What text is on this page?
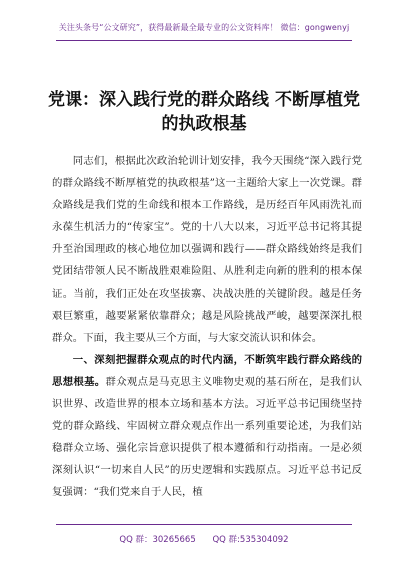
关注头条号“公文研究”，获得最新最全最专业的公文资料库！ 微信：gongwenyj
党课：深入践行党的群众路线 不断厚植党的执政根基

同志们，根据此次政治轮训计划安排，我今天围绕“深入践行党的群众路线不断厚植党的执政根基”这一主题给大家上一次党课。群众路线是我们党的生命线和根本工作路线，是历经百年风雨洗礼而永葆生机活力的“传家宝”。党的十八大以来，习近平总书记将其提升至治国理政的核心地位加以强调和践行——群众路线始终是我们党团结带领人民不断战胜艰难险阻、从胜利走向新的胜利的根本保证。当前，我们正处在攻坚拔寨、决战决胜的关键阶段。越是任务艰巨繁重，越要紧紧依靠群众；越是风险挑战严峻，越要深深扎根群众。下面，我主要从三个方面，与大家交流认识和体会。

一、深刻把握群众观点的时代内涵，不断筑牢践行群众路线的思想根基。群众观点是马克思主义唯物史观的基石所在，是我们认识世界、改造世界的根本立场和基本方法。习近平总书记围绕坚持党的群众路线、牢固树立群众观点作出一系列重要论述，为我们站稳群众立场、强化宗旨意识提供了根本遵循和行动指南。一是必须深刻认识“一切来自人民”的历史逻辑和实践原点。习近平总书记反复强调：“我们党来自于人民，植

QQ 群：30265665 QQ 群:535304092
